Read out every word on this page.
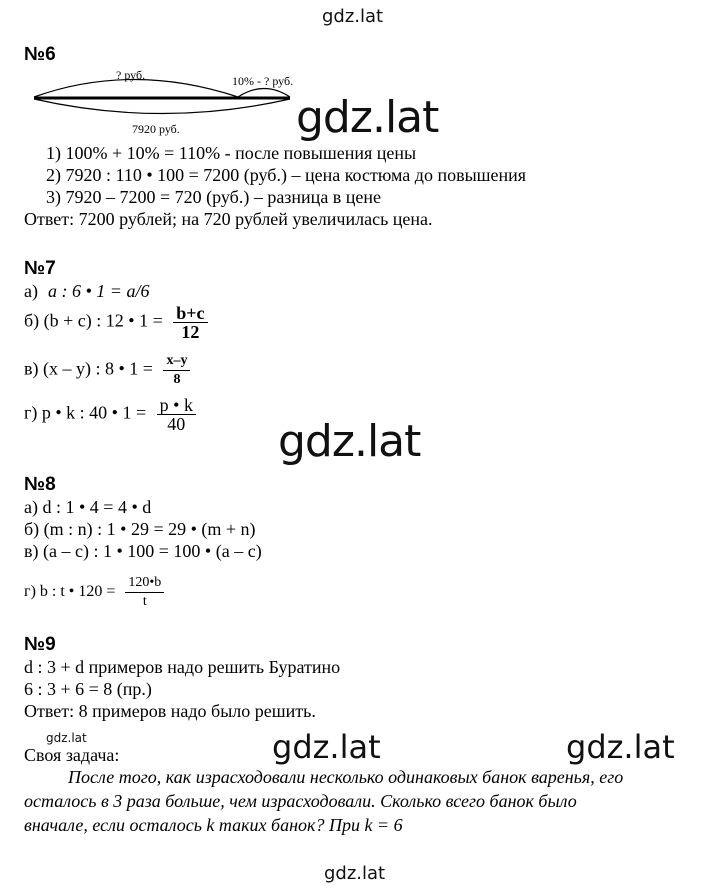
gdz.lat
gdz.lat
gdz.lat
gdz.lat	gdz.lat
gdz.lat
gdz.lat
№6
? руб.	10% - ? руб.
7920 руб.
1) 100% + 10% = 110% - после повышения цены
2) 7920 : 110 • 100 = 7200 (руб.) – цена костюма до повышения
3) 7920 – 7200 = 720 (руб.) – разница в цене
Ответ: 7200 рублей; на 720 рублей увеличилась цена.
№7
а) a : 6 • 1 = a/6
б) (b + c) : 12 • $1 = \frac{b+c}{12}$
в) (x – y) : 8 • $1 = \frac{x-y}{8}$
г) p • k : 40 • $1 = \frac{p • k}{40}$
№8
а) d : 1 • 4 = 4 • d
б) (m : n) : 1 • 29 = 29 • (m + n)
в) (a – c) : 1 • 100 = 100 • (a – c)
г) b : t • $120 = \frac{120•b}{t}$
№9
d : 3 + d примеров надо решить Буратино
6 : 3 + 6 = 8 (пр.)
Ответ: 8 примеров надо было решить.
Своя задача:
После того, как израсходовали несколько одинаковых банок варенья, его
осталось в 3 раза больше, чем израсходовали. Сколько всего банок было
вначале, если осталось k таких банок? При k = 6
